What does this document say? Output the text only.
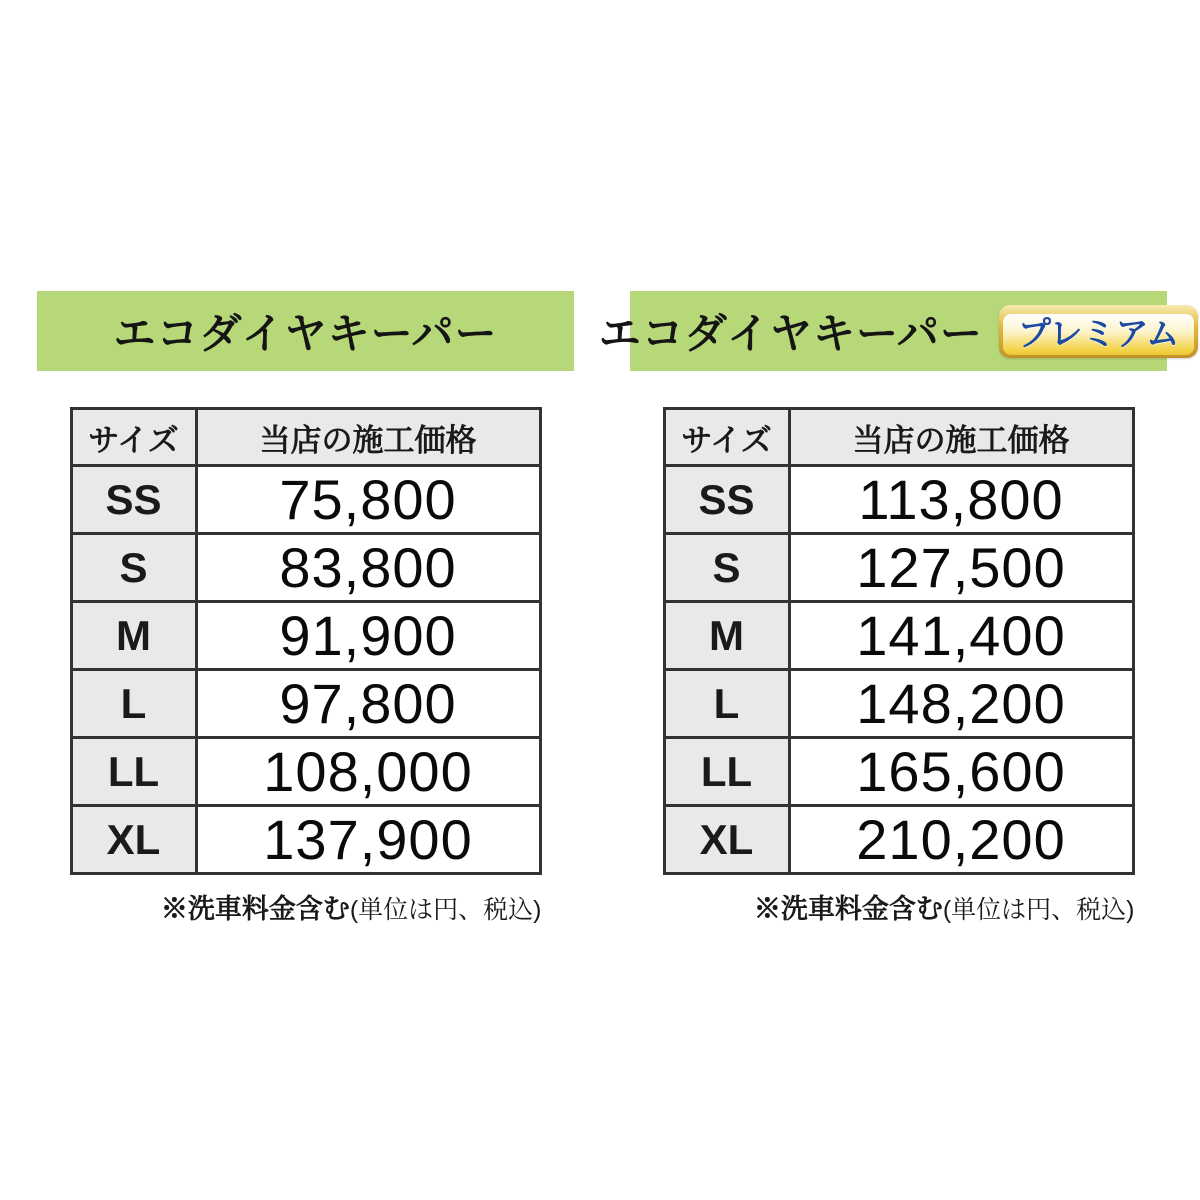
エコダイヤキーパー
サイズ	当店の施工価格
SS	75,800
S	83,800
M	91,900
L	97,800
LL	108,000
XL	137,900
※洗車料金含む(単位は円、税込)
エコダイヤキーパー	プレミアム
サイズ	当店の施工価格
SS	113,800
S	127,500
M	141,400
L	148,200
LL	165,600
XL	210,200
※洗車料金含む(単位は円、税込)
